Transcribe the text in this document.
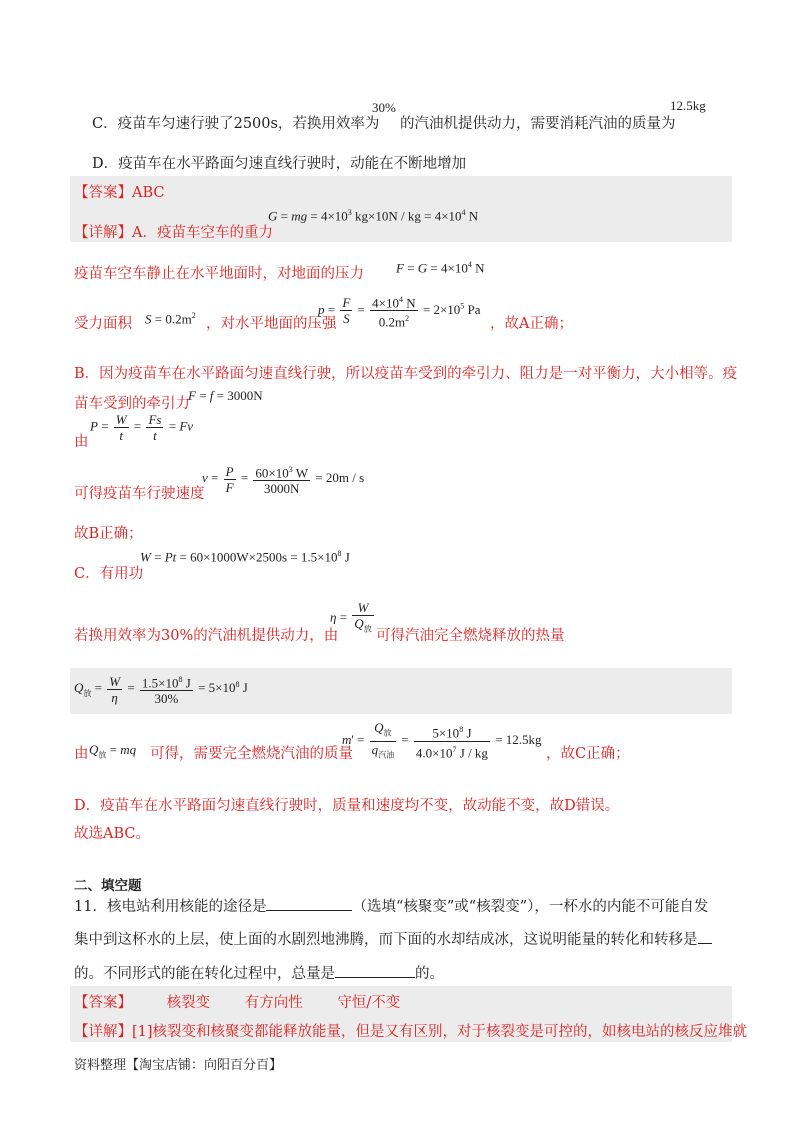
C．疫苗车匀速行驶了2500s，若换用效率为
30%
的汽油机提供动力，需要消耗汽油的质量为
12.5kg
D．疫苗车在水平路面匀速直线行驶时，动能在不断地增加
【答案】ABC
【详解】A．疫苗车空车的重力
G = mg = $4\times 10^3$ kg×10N / kg = $4\times 10^4$ N
疫苗车空车静止在水平地面时，对地面的压力 $F = G = 4\times 10^4$ N
受力面积 $S = 0.2m^2$
，对水平地面的压强
$p = \frac{F}{S} = \frac{4\times 10^4 N}{0.2m^2} = 2\times 10^5$ Pa
，故A正确；
B．因为疫苗车在水平路面匀速直线行驶，所以疫苗车受到的牵引力、阻力是一对平衡力，大小相等。疫
苗车受到的牵引力
F = f = 3000N
由
$P = \frac{W}{t} = \frac{Fs}{t} = Fv$
可得疫苗车行驶速度
$v = \frac{P}{F} = \frac{60\times 10^3 W}{3000N} = 20m / s$
故B正确；
C．有用功
$W = Pt = 60\times 1000W\times 2500s = 1.5\times 10^8$ J
若换用效率为30%的汽油机提供动力，由
$\eta = \frac{W}{Q_放}$ 可得汽油完全燃烧释放的热量
$Q_放 = \frac{W}{\eta} = \frac{1.5\times 10^8 J}{30\%} = 5\times 10^8$ J
由 $Q_放$ = mq 可得，需要完全燃烧汽油的质量
$m' = \frac{Q_放}{q_{汽油}} = \frac{5\times 10^8 J}{4.0\times 10^7 J / kg} = 12.5kg$
，故C正确；
D．疫苗车在水平路面匀速直线行驶时，质量和速度均不变，故动能不变，故D错误。
故选ABC。
二、填空题
11．核电站利用核能的途径是	（选填“核聚变”或“核裂变”），一杯水的内能不可能自发
集中到这杯水的上层，使上面的水剧烈地沸腾，而下面的水却结成冰，这说明能量的转化和转移是
的。不同形式的能在转化过程中，总量是	的。
【答案】 核裂变 有方向性 守恒/不变
【详解】[1]核裂变和核聚变都能释放能量，但是又有区别，对于核裂变是可控的，如核电站的核反应堆就
资料整理【淘宝店铺：向阳百分百】
